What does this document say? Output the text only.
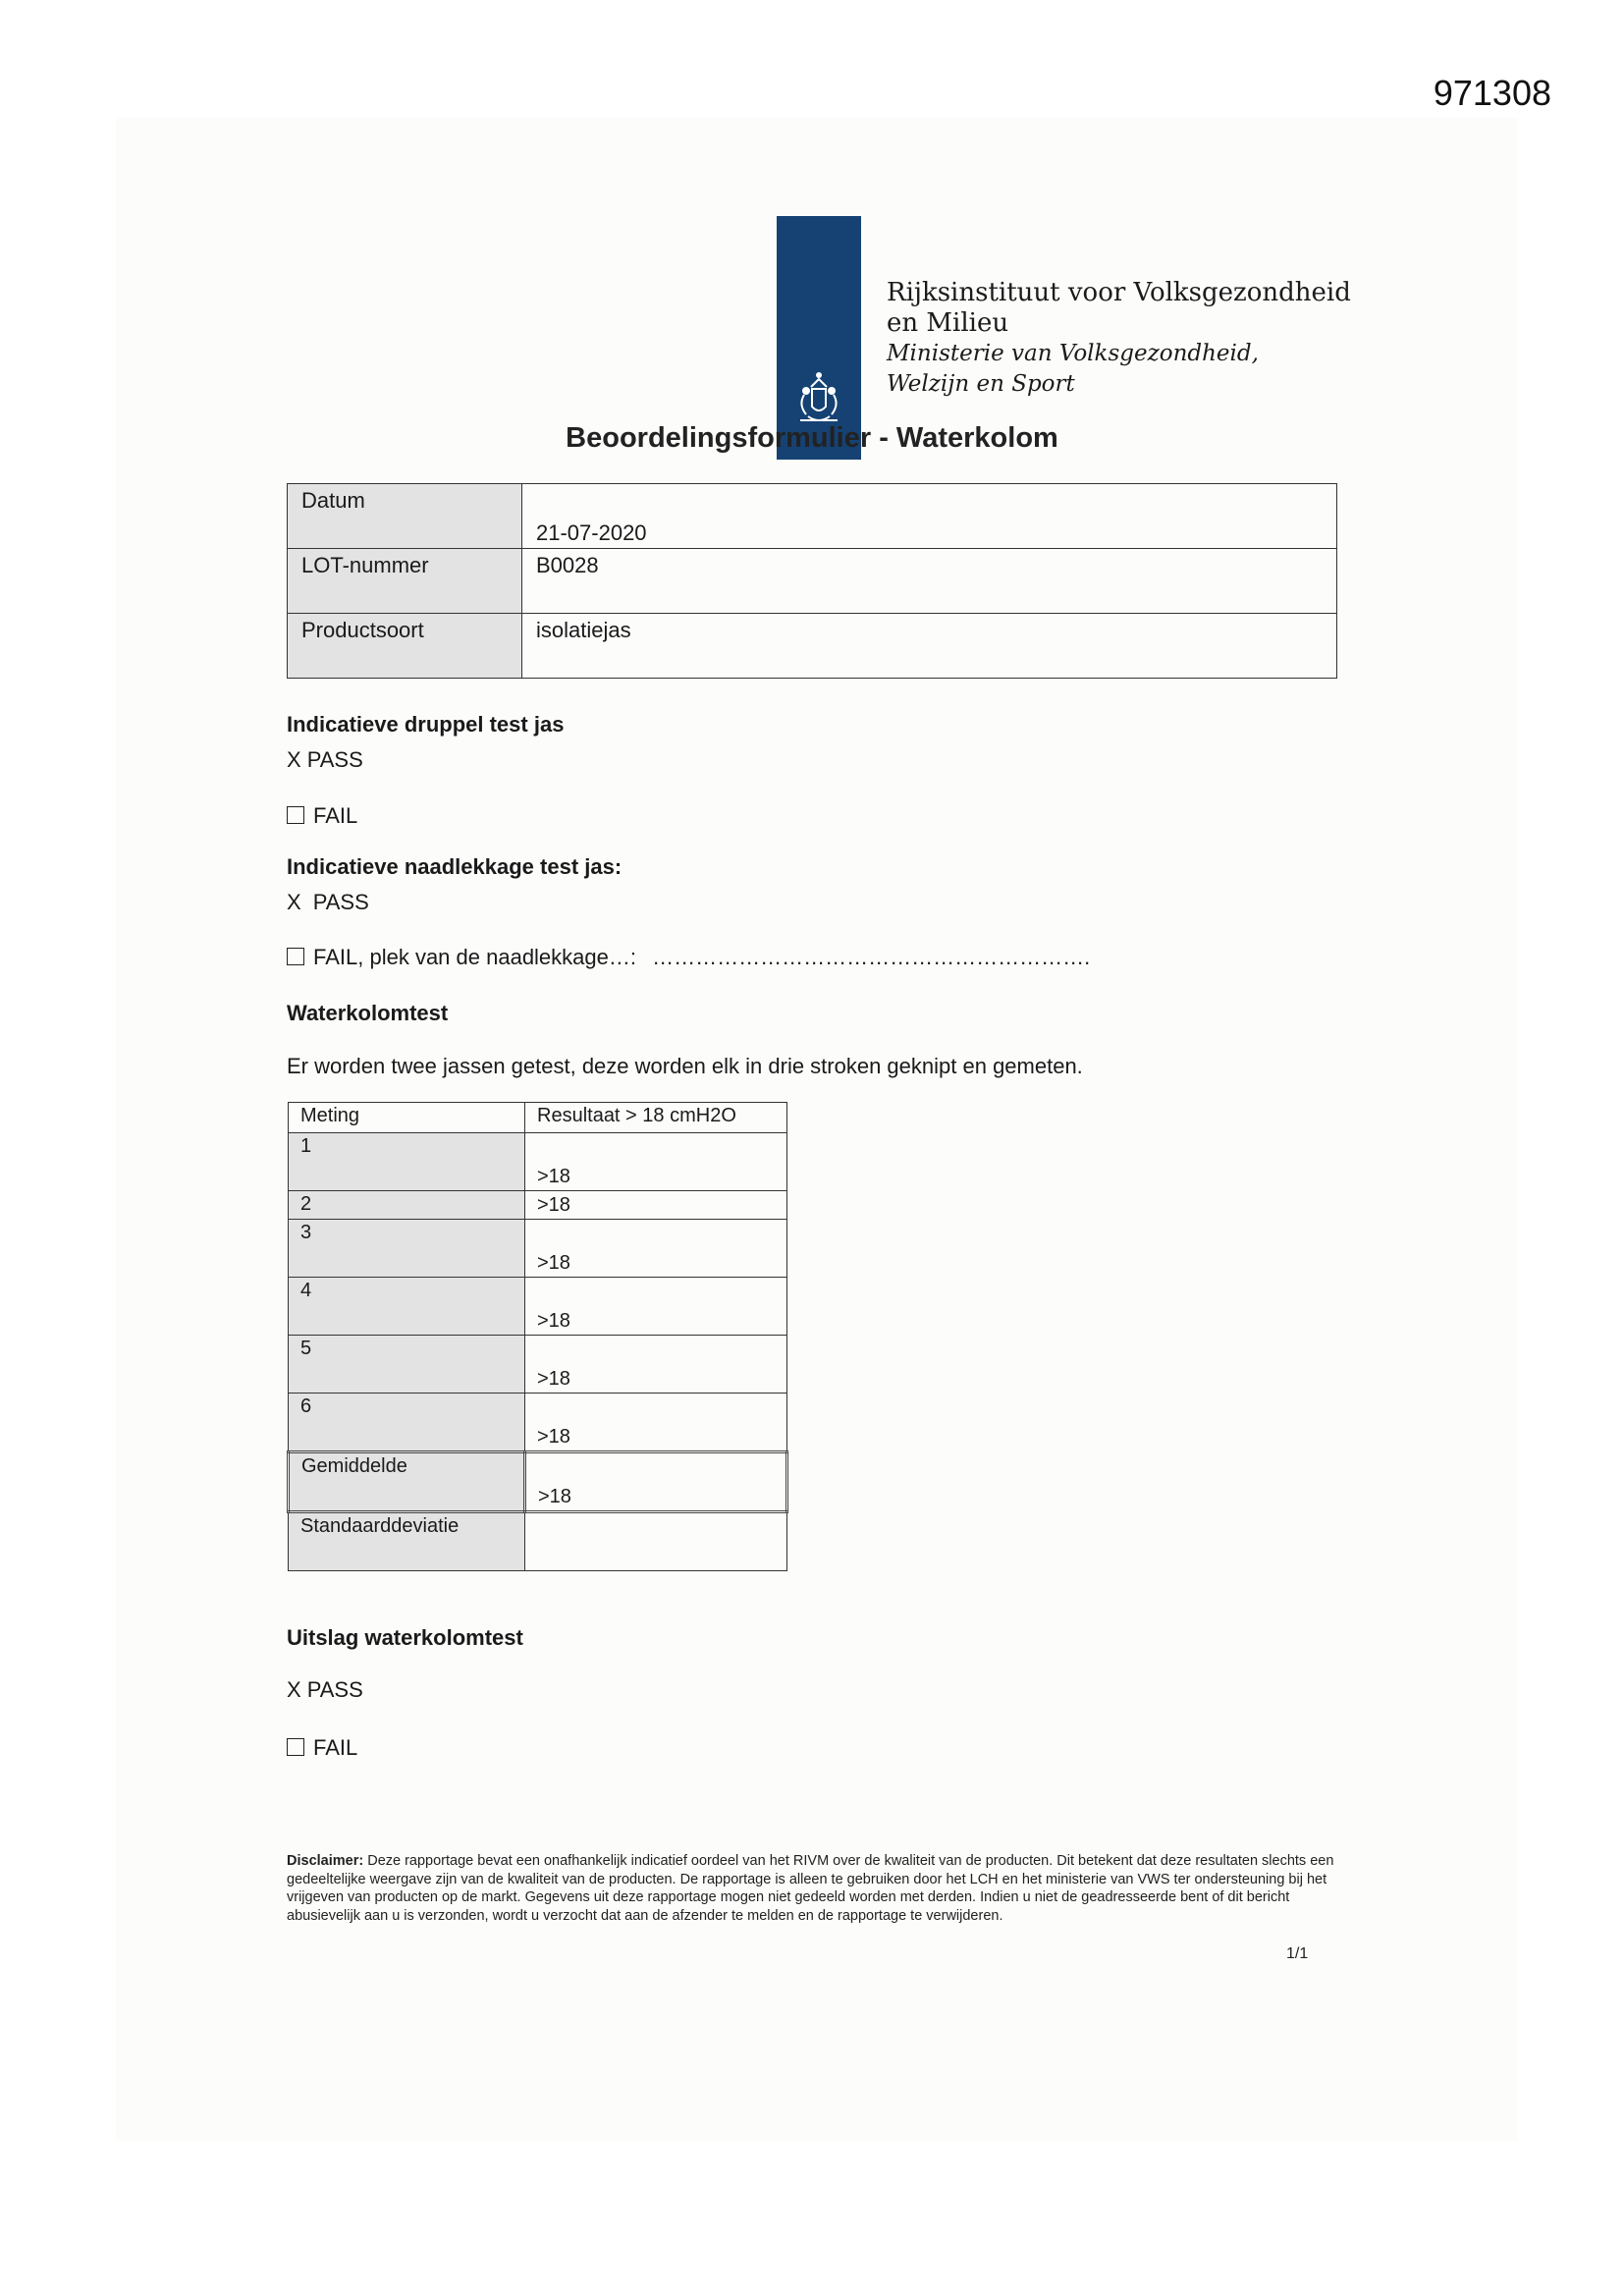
971308
Rijksinstituut voor Volksgezondheid
en Milieu
Ministerie van Volksgezondheid,
Welzijn en Sport
Beoordelingsformulier - Waterkolom
Datum	21-07-2020
LOT-nummer	B0028
Productsoort	isolatiejas
Indicatieve druppel test jas
X PASS
FAIL
Indicatieve naadlekkage test jas:
X PASS
FAIL, plek van de naadlekkage…: …………………………………………………….
Waterkolomtest
Er worden twee jassen getest, deze worden elk in drie stroken geknipt en gemeten.
Meting	Resultaat > 18 cmH2O
1	>18
2	>18
3	>18
4	>18
5	>18
6	>18
Gemiddelde	>18
Standaarddeviatie	
Uitslag waterkolomtest
X PASS
FAIL
Disclaimer: Deze rapportage bevat een onafhankelijk indicatief oordeel van het RIVM over de kwaliteit van de producten. Dit betekent dat deze resultaten slechts een gedeeltelijke weergave zijn van de kwaliteit van de producten. De rapportage is alleen te gebruiken door het LCH en het ministerie van VWS ter ondersteuning bij het vrijgeven van producten op de markt. Gegevens uit deze rapportage mogen niet gedeeld worden met derden. Indien u niet de geadresseerde bent of dit bericht abusievelijk aan u is verzonden, wordt u verzocht dat aan de afzender te melden en de rapportage te verwijderen.
1/1
